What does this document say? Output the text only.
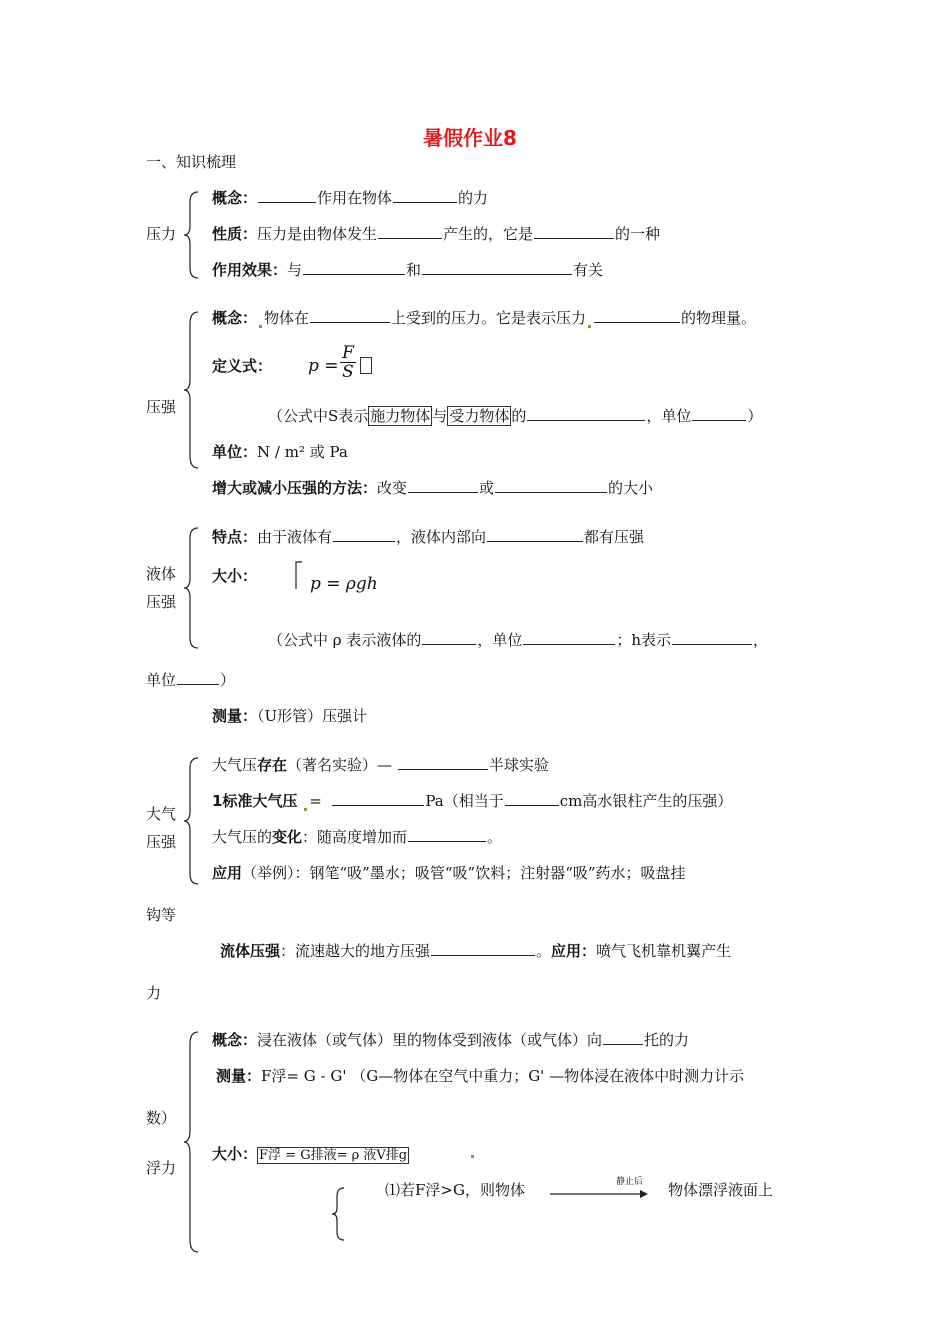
暑假作业8
一、知识梳理
压力
概念：	作用在物体	的力
性质：压力是由物体发生	产生的，它是	的一种
作用效果：与	和	有关
压强
概念： 物体在	上受到的压力。它是表示压力	的物理量。
定义式： $p = \frac{F}{S}$
（公式中S表示 施力物体 与 受力物体 的	，单位	）
单位：N / m² 或 Pa
增大或减小压强的方法：改变	或	的大小
液体
压强
特点：由于液体有	，液体内部向	都有压强
大小：	p = ρgh
（公式中 ρ 表示液体的	，单位	；h表示	，
单位	）
测量：（U形管）压强计
大气
压强
大气压存在（著名实验）—	半球实验
1标准大气压 =	Pa（相当于	cm高水银柱产生的压强）
大气压的变化：随高度增加而	。
应用（举例）：钢笔“吸”墨水；吸管“吸”饮料；注射器“吸”药水；吸盘挂
钩等
流体压强：流速越大的地方压强	。应用：喷气飞机靠机翼产生
力
浮力
概念：浸在液体（或气体）里的物体受到液体（或气体）向	托的力
测量：F浮= G - G' （G—物体在空气中重力；G' —物体浸在液体中时测力计示
数）
大小： F浮 = G排液= ρ 液V排g
⑴若F浮>G，则物体	静止后 物体漂浮液面上
